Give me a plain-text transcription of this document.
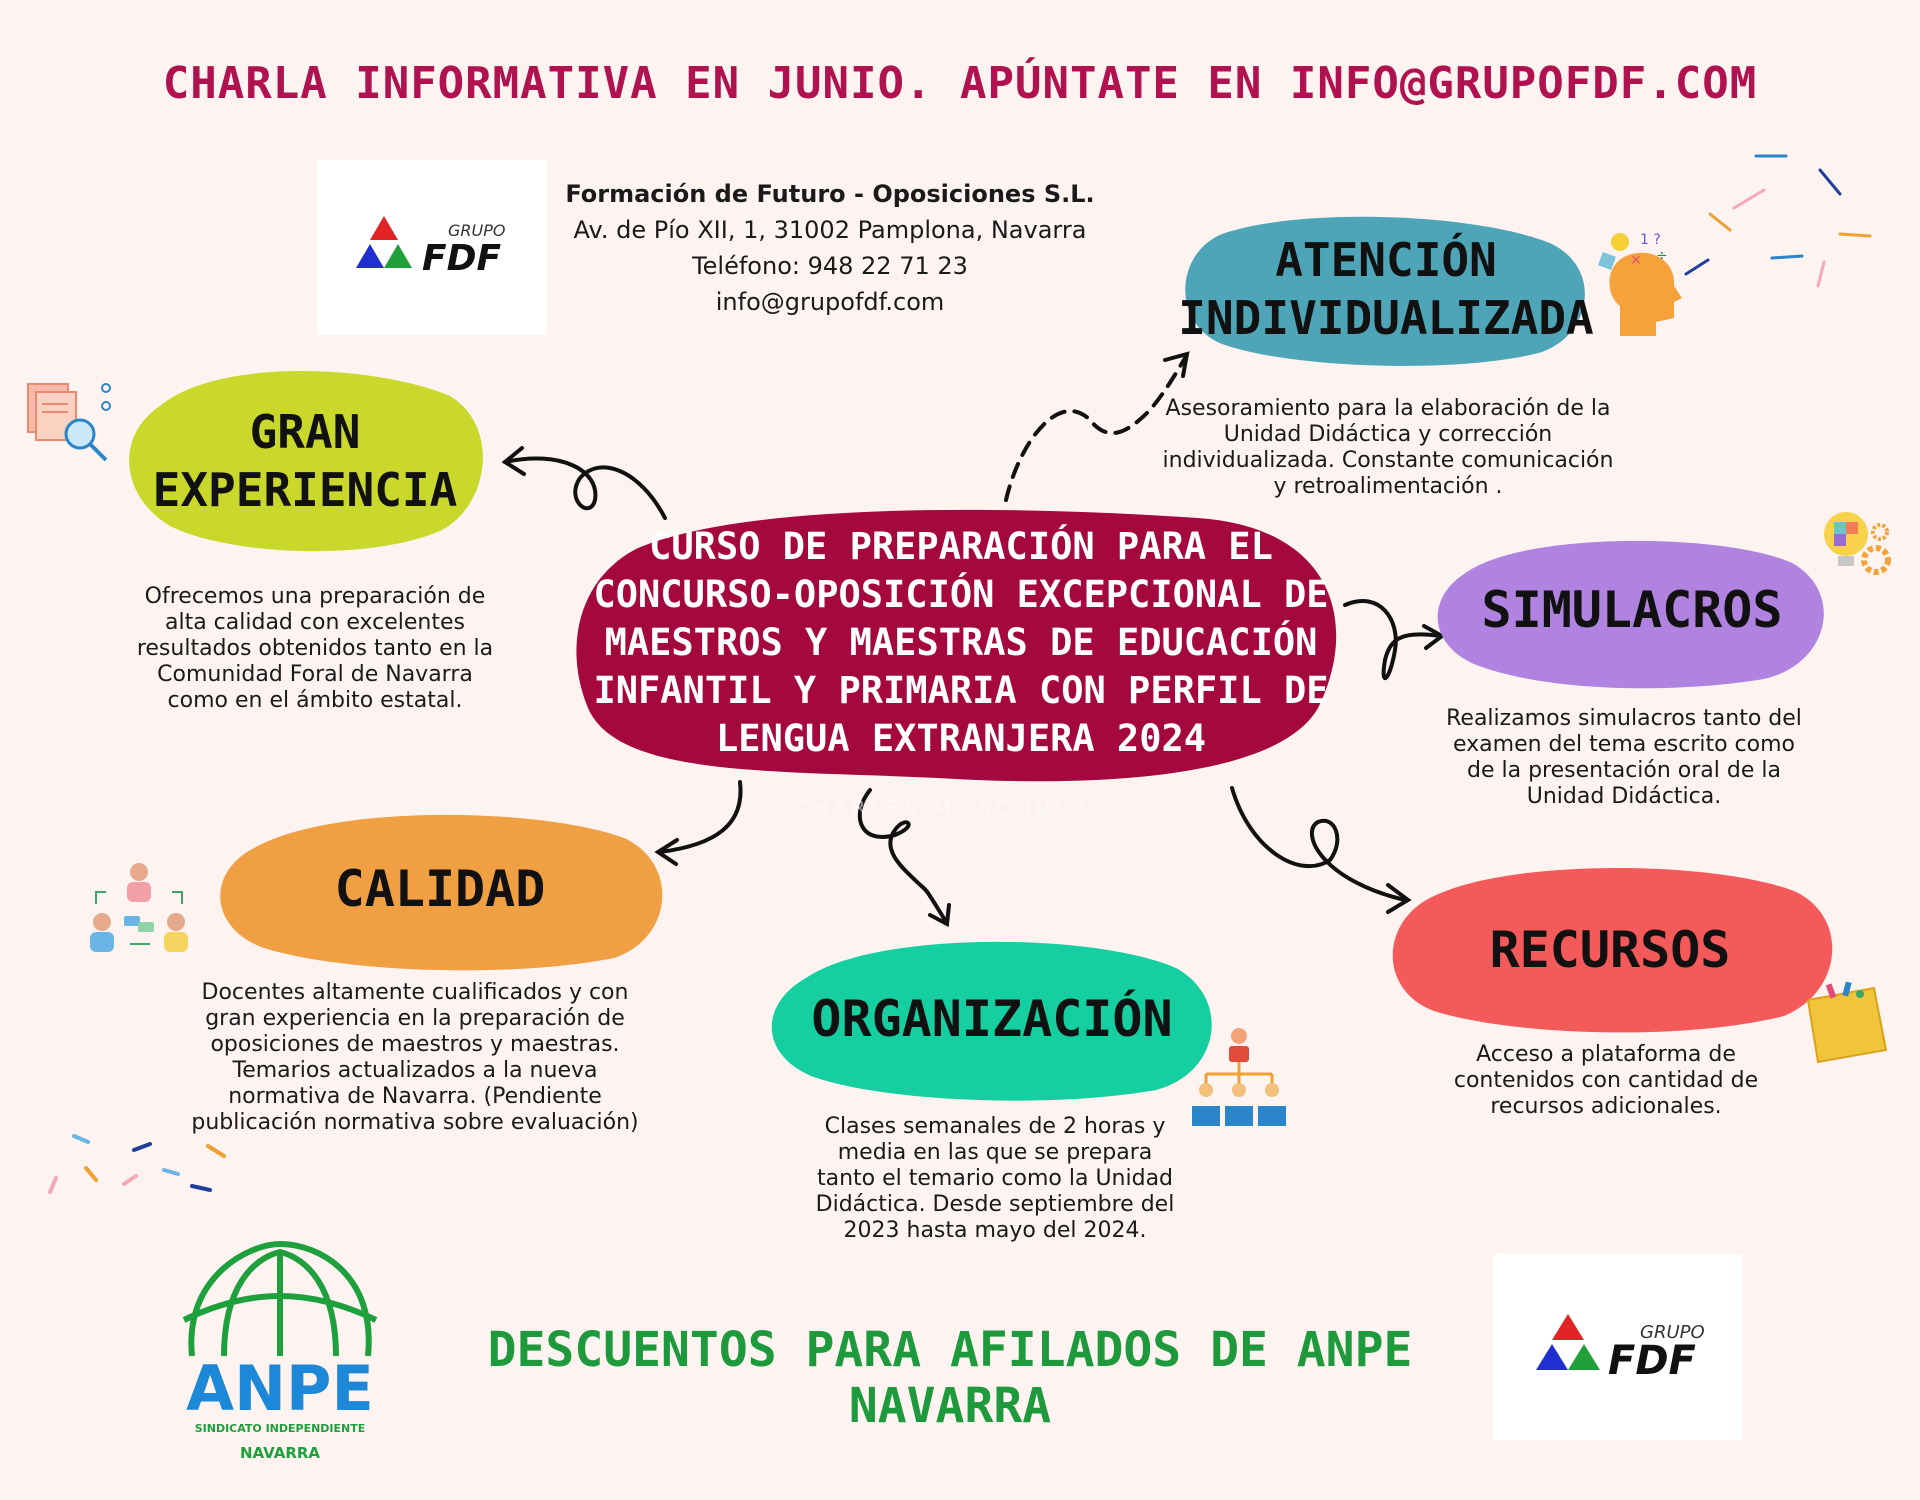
CHARLA INFORMATIVA EN JUNIO. APÚNTATE EN INFO@GRUPOFDF.COM
GRUPO
FDF
Formación de Futuro - Oposiciones S.L.
Av. de Pío XII, 1, 31002 Pamplona, Navarra
Teléfono: 948 22 71 23
info@grupofdf.com
CURSO DE PREPARACIÓN PARA EL
CONCURSO-OPOSICIÓN EXCEPCIONAL DE
MAESTROS Y MAESTRAS DE EDUCACIÓN
INFANTIL Y PRIMARIA CON PERFIL DE
LENGUA EXTRANJERA 2024
CHARLES M. SCHULZ
GRAN
EXPERIENCIA
Ofrecemos una preparación de
alta calidad con excelentes
resultados obtenidos tanto en la
Comunidad Foral de Navarra
como en el ámbito estatal.
ATENCIÓN
INDIVIDUALIZADA
1 ?
× ÷
Asesoramiento para la elaboración de la
Unidad Didáctica y corrección
individualizada. Constante comunicación
y retroalimentación .
SIMULACROS
Realizamos simulacros tanto del
examen del tema escrito como
de la presentación oral de la
Unidad Didáctica.
CALIDAD
Docentes altamente cualificados y con
gran experiencia en la preparación de
oposiciones de maestros y maestras.
Temarios actualizados a la nueva
normativa de Navarra. (Pendiente
publicación normativa sobre evaluación)
ORGANIZACIÓN
Clases semanales de 2 horas y
media en las que se prepara
tanto el temario como la Unidad
Didáctica. Desde septiembre del
2023 hasta mayo del 2024.
RECURSOS
Acceso a plataforma de
contenidos con cantidad de
recursos adicionales.
ANPE
SINDICATO INDEPENDIENTE
NAVARRA
DESCUENTOS PARA AFILADOS DE ANPE NAVARRA
GRUPO
FDF
